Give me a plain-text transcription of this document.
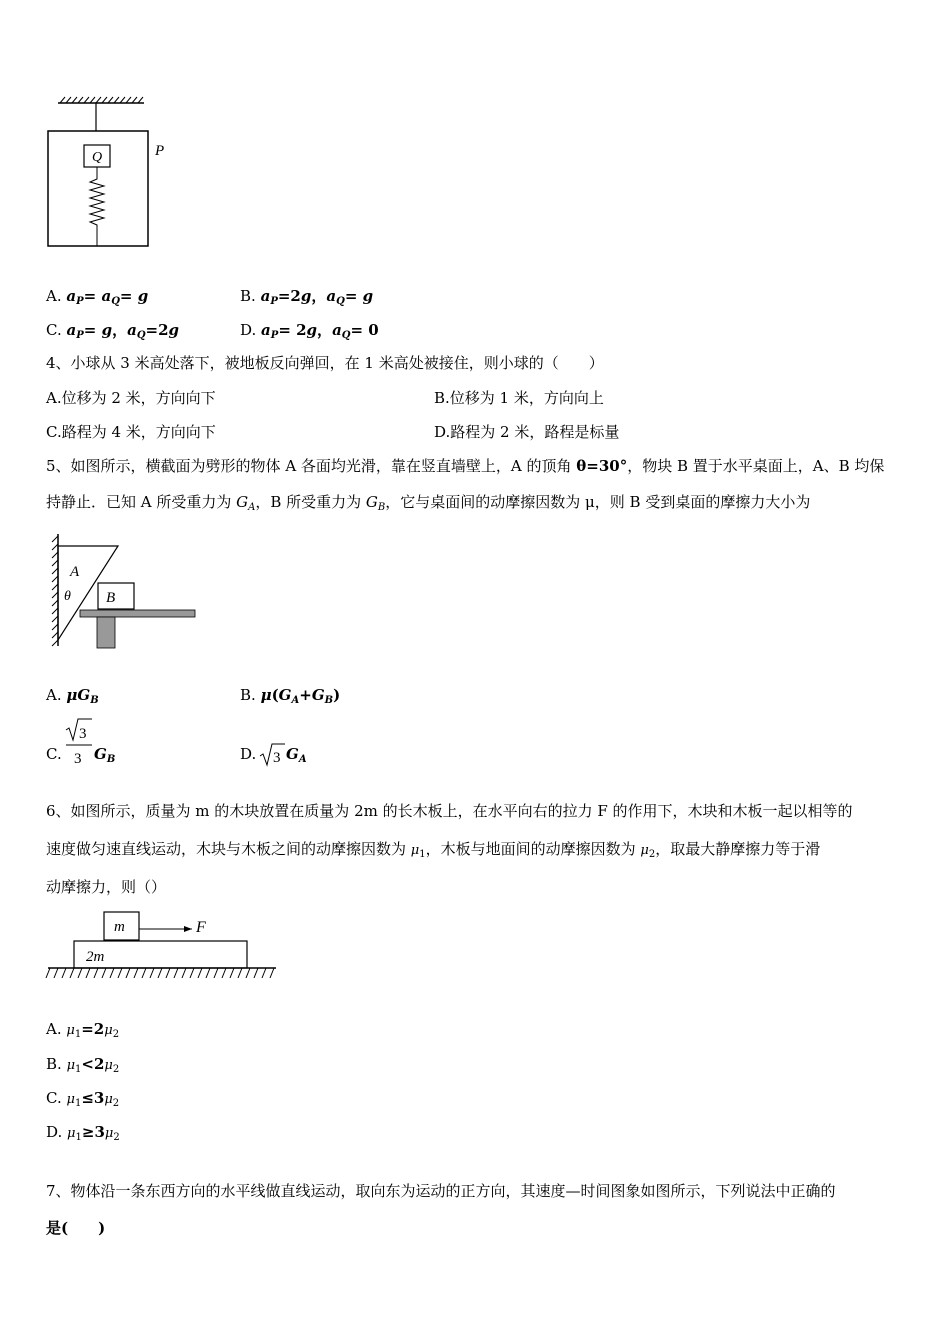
Q	P
A. $a_P= a_Q= g$	B. $a_P=2g$，$a_Q= g$
C. $a_P= g$，$a_Q=2g$	D. $a_P= 2g$，$a_Q= 0$
4、小球从 3 米高处落下，被地板反向弹回，在 1 米高处被接住，则小球的（　　）
A.位移为 2 米，方向向下	B.位移为 1 米，方向向上
C.路程为 4 米，方向向下	D.路程为 2 米，路程是标量
5、如图所示，横截面为劈形的物体 A 各面均光滑，靠在竖直墙壁上，A 的顶角 θ=30°，物块 B 置于水平桌面上，A、B 均保
持静止．已知 A 所受重力为 $G_A$，B 所受重力为 $G_B$，它与桌面间的动摩擦因数为 μ，则 B 受到桌面的摩擦力大小为
A
θ B
A. $\mu G_B$	B. $\mu(G_A+G_B)$
C.
3
3 $G_B$	D. 3 $G_A$
6、如图所示，质量为 m 的木块放置在质量为 2m 的长木板上，在水平向右的拉力 F 的作用下，木块和木板一起以相等的
速度做匀速直线运动，木块与木板之间的动摩擦因数为 $\mu_1$，木板与地面间的动摩擦因数为 $\mu_2$，取最大静摩擦力等于滑
动摩擦力，则（）
m	F
2m
A. $\mu_1=2\mu_2$
B. $\mu_1<2\mu_2$
C. $\mu_1\le 3\mu_2$
D. $\mu_1\ge 3\mu_2$
7、物体沿一条东西方向的水平线做直线运动，取向东为运动的正方向，其速度—时间图象如图所示，下列说法中正确的
是(　　)
